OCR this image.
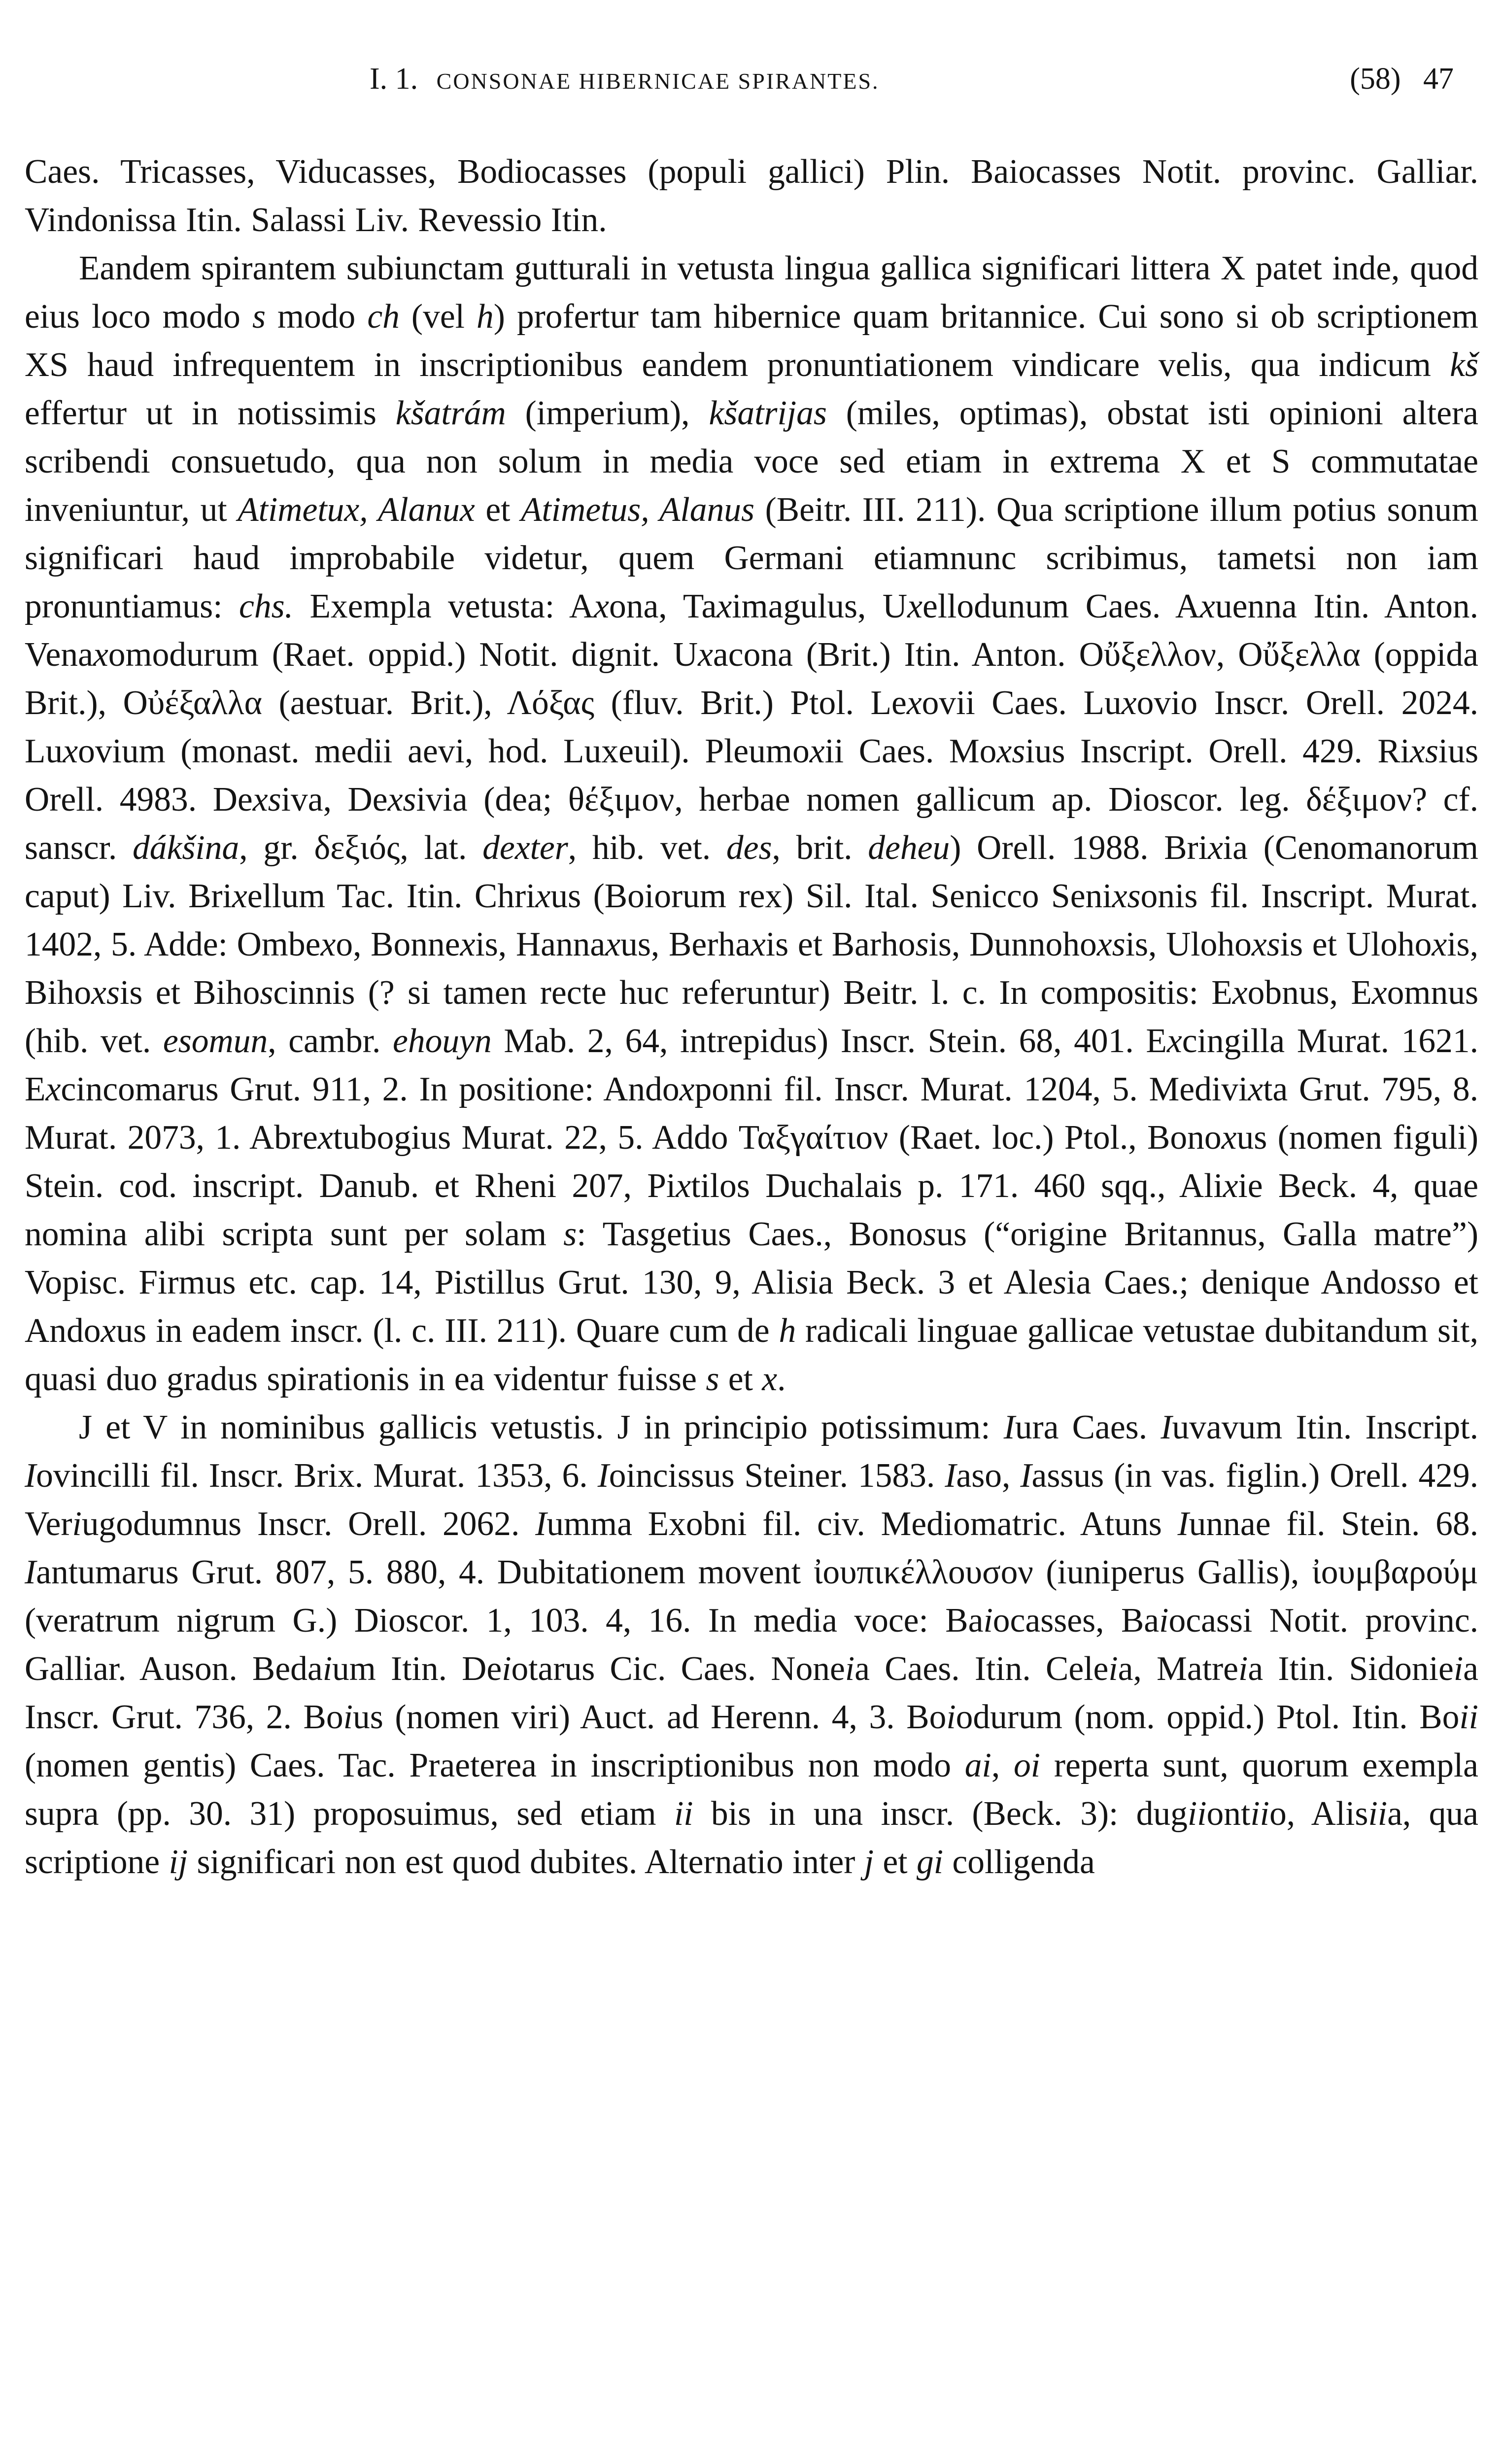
I. 1. CONSONAE HIBERNICAE SPIRANTES.	(58) 47

Caes. Tricasses, Viducasses, Bodiocasses (populi gallici) Plin. Baiocasses Notit. provinc. Galliar. Vindonissa Itin. Salassi Liv. Revessio Itin.

Eandem spirantem subiunctam gutturali in vetusta lingua gallica significari littera X patet inde, quod eius loco modo s modo ch (vel h) profertur tam hibernice quam britannice. Cui sono si ob scriptionem XS haud infrequentem in inscriptionibus eandem pronuntiationem vindicare velis, qua indicum kš effertur ut in notissimis kšatrám (imperium), kšatrijas (miles, optimas), obstat isti opinioni altera scribendi consuetudo, qua non solum in media voce sed etiam in extrema X et S commutatae inveniuntur, ut Atimetux, Alanux et Atimetus, Alanus (Beitr. III. 211). Qua scriptione illum potius sonum significari haud improbabile videtur, quem Germani etiamnunc scribimus, tametsi non iam pronuntiamus: chs. Exempla vetusta: Axona, Taximagulus, Uxellodunum Caes. Axuenna Itin. Anton. Venaxomodurum (Raet. oppid.) Notit. dignit. Uxacona (Brit.) Itin. Anton. Οὔξελλον, Οὔξελλα (oppida Brit.), Οὐέξαλλα (aestuar. Brit.), Λόξας (fluv. Brit.) Ptol. Lexovii Caes. Luxovio Inscr. Orell. 2024. Luxovium (monast. medii aevi, hod. Luxeuil). Pleumoxii Caes. Moxsius Inscript. Orell. 429. Rixsius Orell. 4983. Dexsiva, Dexsivia (dea; θέξιμον, herbae nomen gallicum ap. Dioscor. leg. δέξιμον? cf. sanscr. dákšina, gr. δεξιός, lat. dexter, hib. vet. des, brit. deheu) Orell. 1988. Brixia (Cenomanorum caput) Liv. Brixellum Tac. Itin. Chrixus (Boiorum rex) Sil. Ital. Senicco Senixsonis fil. Inscript. Murat. 1402, 5. Adde: Ombexo, Bonnexis, Hannaxus, Berhaxis et Barhosis, Dunnohoxsis, Ulohoxsis et Ulohoxis, Bihoxsis et Bihoscinnis (? si tamen recte huc referuntur) Beitr. l. c. In compositis: Exobnus, Exomnus (hib. vet. esomun, cambr. ehouyn Mab. 2, 64, intrepidus) Inscr. Stein. 68, 401. Excingilla Murat. 1621. Excincomarus Grut. 911, 2. In positione: Andoxponni fil. Inscr. Murat. 1204, 5. Medivixta Grut. 795, 8. Murat. 2073, 1. Abrextubogius Murat. 22, 5. Addo Ταξγαίτιον (Raet. loc.) Ptol., Bonoxus (nomen figuli) Stein. cod. inscript. Danub. et Rheni 207, Pixtilos Duchalais p. 171. 460 sqq., Alixie Beck. 4, quae nomina alibi scripta sunt per solam s: Tasgetius Caes., Bonosus (“origine Britannus, Galla matre”) Vopisc. Firmus etc. cap. 14, Pistillus Grut. 130, 9, Alisia Beck. 3 et Alesia Caes.; denique Andosso et Andoxus in eadem inscr. (l. c. III. 211). Quare cum de h radicali linguae gallicae vetustae dubitandum sit, quasi duo gradus spirationis in ea videntur fuisse s et x.

J et V in nominibus gallicis vetustis. J in principio potissimum: Iura Caes. Iuvavum Itin. Inscript. Iovincilli fil. Inscr. Brix. Murat. 1353, 6. Ioincissus Steiner. 1583. Iaso, Iassus (in vas. figlin.) Orell. 429. Veriugodumnus Inscr. Orell. 2062. Iumma Exobni fil. civ. Mediomatric. Atuns Iunnae fil. Stein. 68. Iantumarus Grut. 807, 5. 880, 4. Dubitationem movent ἰουπικέλλουσον (iuniperus Gallis), ἰουμβαρούμ (veratrum nigrum G.) Dioscor. 1, 103. 4, 16. In media voce: Baiocasses, Baiocassi Notit. provinc. Galliar. Auson. Bedaium Itin. Deiotarus Cic. Caes. Noneia Caes. Itin. Celeia, Matreia Itin. Sidonieia Inscr. Grut. 736, 2. Boius (nomen viri) Auct. ad Herenn. 4, 3. Boiodurum (nom. oppid.) Ptol. Itin. Boii (nomen gentis) Caes. Tac. Praeterea in inscriptionibus non modo ai, oi reperta sunt, quorum exempla supra (pp. 30. 31) proposuimus, sed etiam ii bis in una inscr. (Beck. 3): dugiiontiio, Alisiia, qua scriptione ij significari non est quod dubites. Alternatio inter j et gi colligenda
